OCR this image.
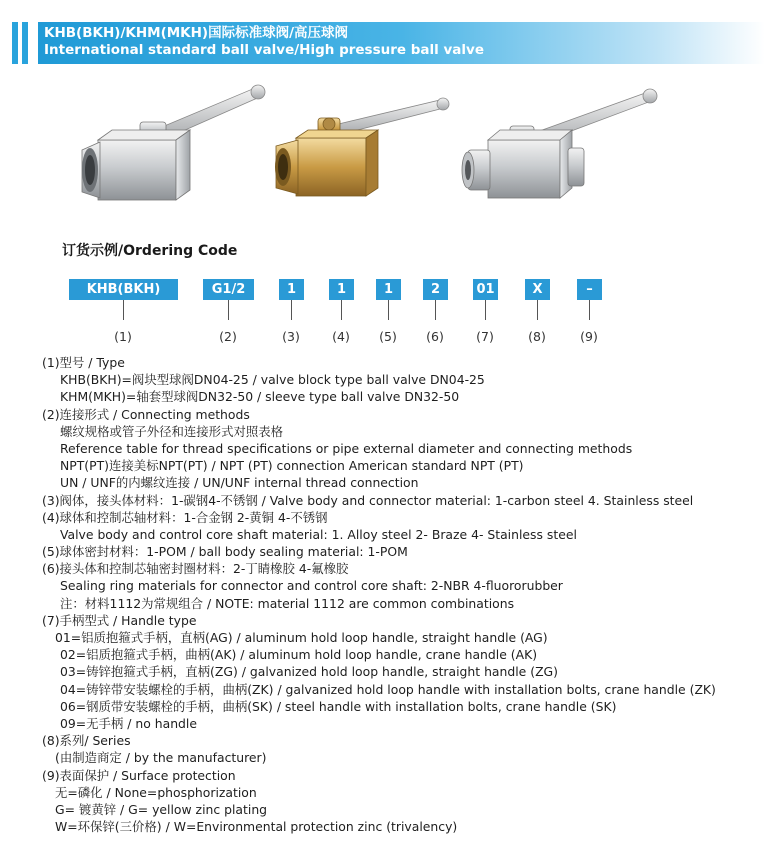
KHB(BKH)/KHM(MKH)国际标准球阀/高压球阀
International standard ball valve/High pressure ball valve
订货示例/Ordering Code
KHB(BKH)	G1/2	1	1	1	2	01	X	–
(1)	(2)	(3)	(4)	(5)	(6)	(7)	(8)	(9)
(1)型号 / Type
KHB(BKH)=阀块型球阀DN04-25 / valve block type ball valve DN04-25
KHM(MKH)=轴套型球阀DN32-50 / sleeve type ball valve DN32-50
(2)连接形式 / Connecting methods
螺纹规格或管子外径和连接形式对照表格
Reference table for thread specifications or pipe external diameter and connecting methods
NPT(PT)连接美标NPT(PT) / NPT (PT) connection American standard NPT (PT)
UN / UNF的内螺纹连接 / UN/UNF internal thread connection
(3)阀体，接头体材料：1-碳钢4-不锈钢 / Valve body and connector material: 1-carbon steel 4. Stainless steel
(4)球体和控制芯轴材料：1-合金钢 2-黄铜 4-不锈钢
Valve body and control core shaft material: 1. Alloy steel 2- Braze 4- Stainless steel
(5)球体密封材料：1-POM / ball body sealing material: 1-POM
(6)接头体和控制芯轴密封圈材料：2-丁睛橡胶 4-氟橡胶
Sealing ring materials for connector and control core shaft: 2-NBR 4-fluororubber
注：材料1112为常规组合 / NOTE: material 1112 are common combinations
(7)手柄型式 / Handle type
01=铝质抱箍式手柄，直柄(AG) / aluminum hold loop handle, straight handle (AG)
02=铝质抱箍式手柄，曲柄(AK) / aluminum hold loop handle, crane handle (AK)
03=铸锌抱箍式手柄，直柄(ZG) / galvanized hold loop handle, straight handle (ZG)
04=铸锌带安装螺栓的手柄，曲柄(ZK) / galvanized hold loop handle with installation bolts, crane handle (ZK)
06=钢质带安装螺栓的手柄，曲柄(SK) / steel handle with installation bolts, crane handle (SK)
09=无手柄 / no handle
(8)系列/ Series
(由制造商定 / by the manufacturer)
(9)表面保护 / Surface protection
无=磷化 / None=phosphorization
G= 镀黄锌 / G= yellow zinc plating
W=环保锌(三价格) / W=Environmental protection zinc (trivalency)
